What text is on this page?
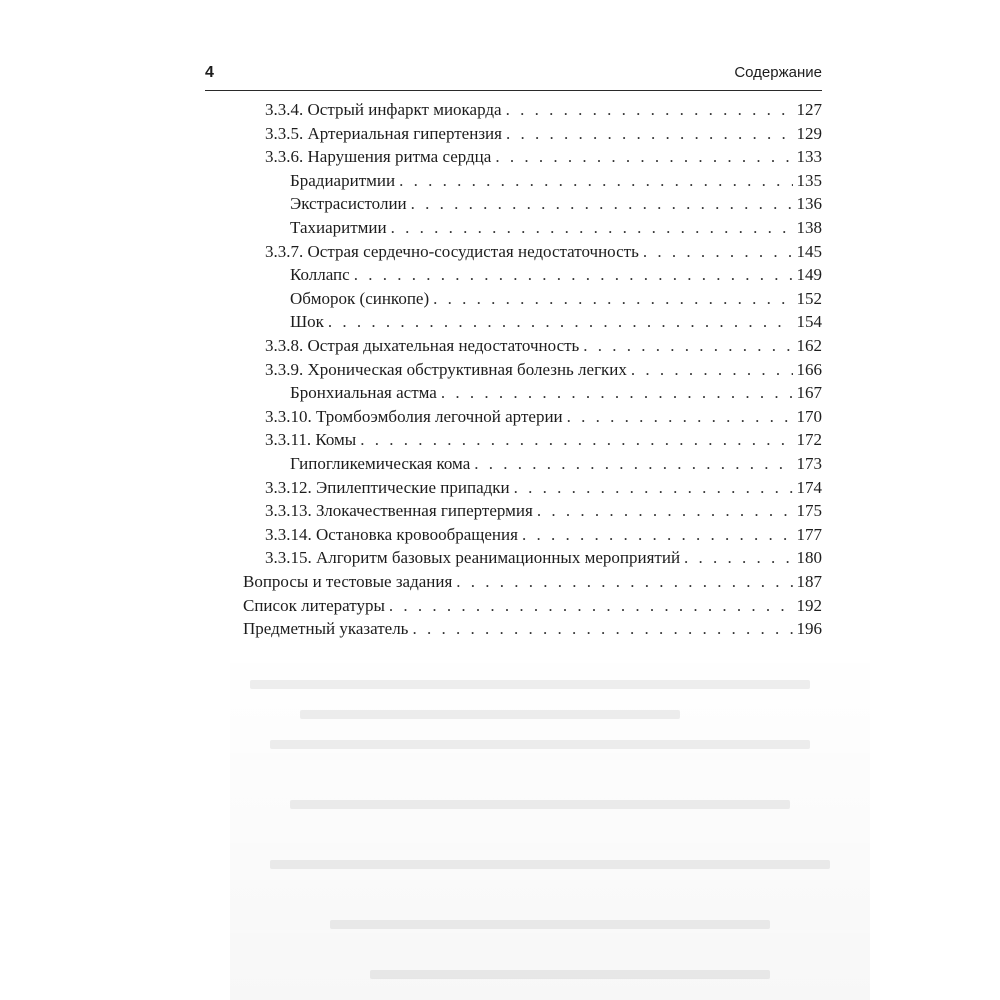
4	Содержание
3.3.4. Острый инфаркт миокарда . . .	127
3.3.5. Артериальная гипертензия . . .	129
3.3.6. Нарушения ритма сердца . . .	133
Брадиаритмии . . .	135
Экстрасистолии . . .	136
Тахиаритмии . . .	138
3.3.7. Острая сердечно-сосудистая недостаточность . . .	145
Коллапс . . .	149
Обморок (синкопе) . . .	152
Шок . . .	154
3.3.8. Острая дыхательная недостаточность . . .	162
3.3.9. Хроническая обструктивная болезнь легких . . .	166
Бронхиальная астма . . .	167
3.3.10. Тромбоэмболия легочной артерии . . .	170
3.3.11. Комы . . .	172
Гипогликемическая кома . . .	173
3.3.12. Эпилептические припадки . . .	174
3.3.13. Злокачественная гипертермия . . .	175
3.3.14. Остановка кровообращения . . .	177
3.3.15. Алгоритм базовых реанимационных мероприятий . . .	180
Вопросы и тестовые задания . . .	187
Список литературы . . .	192
Предметный указатель . . .	196
